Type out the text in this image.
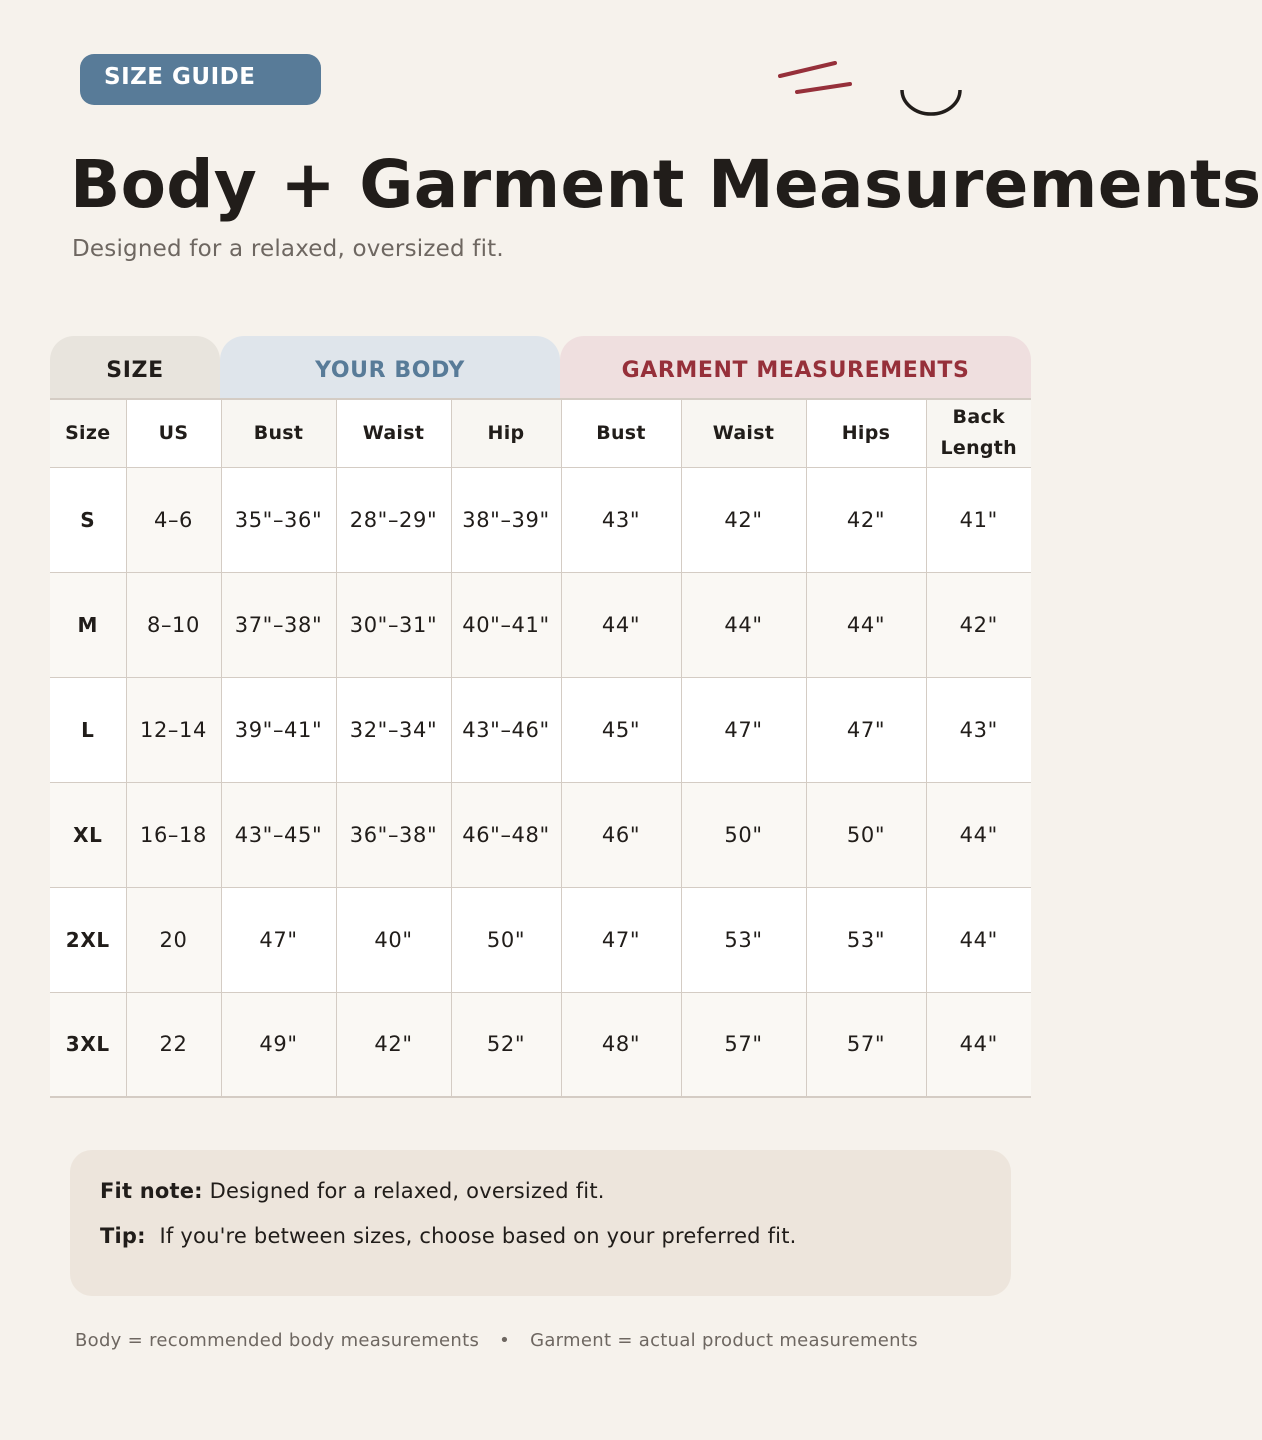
SIZE GUIDE
Body + Garment Measurements
Designed for a relaxed, oversized fit.
SIZE	YOUR BODY	GARMENT MEASUREMENTS
Size	US	Bust	Waist	Hip	Bust	Waist	Hips	Back Length
S	4–6	35"–36"	28"–29"	38"–39"	43"	42"	42"	41"
M	8–10	37"–38"	30"–31"	40"–41"	44"	44"	44"	42"
L	12–14	39"–41"	32"–34"	43"–46"	45"	47"	47"	43"
XL	16–18	43"–45"	36"–38"	46"–48"	46"	50"	50"	44"
2XL	20	47"	40"	50"	47"	53"	53"	44"
3XL	22	49"	42"	52"	48"	57"	57"	44"
Fit note: Designed for a relaxed, oversized fit.
Tip: If you're between sizes, choose based on your preferred fit.
Body = recommended body measurements • Garment = actual product measurements
